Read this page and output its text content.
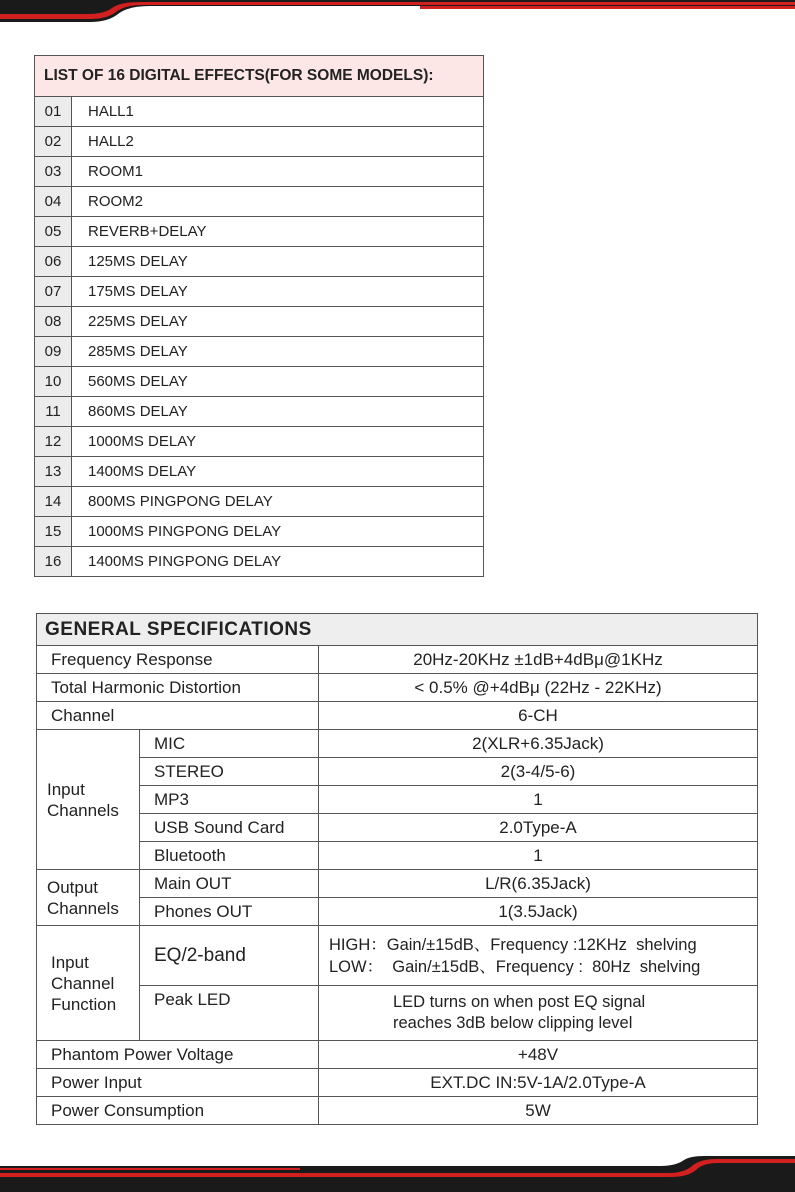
LIST OF 16 DIGITAL EFFECTS(FOR SOME MODELS):	
01	HALL1
02	HALL2
03	ROOM1
04	ROOM2
05	REVERB+DELAY
06	125MS DELAY
07	175MS DELAY
08	225MS DELAY
09	285MS DELAY
10	560MS DELAY
11	860MS DELAY
12	1000MS DELAY
13	1400MS DELAY
14	800MS PINGPONG DELAY
15	1000MS PINGPONG DELAY
16	1400MS PINGPONG DELAY
GENERAL SPECIFICATIONS		
Frequency Response		20Hz-20KHz ±1dB+4dBμ@1KHz
Total Harmonic Distortion		< 0.5% @+4dBμ (22Hz - 22KHz)
Channel		6-CH

Input
Channels	MIC	2(XLR+6.35Jack)
	STEREO	2(3-4/5-6)
	MP3	1
	USB Sound Card	2.0Type-A
	Bluetooth	1

Output
Channels	Main OUT	L/R(6.35Jack)
	Phones OUT	1(3.5Jack)

Input
Channel
Function	EQ/2-band	HIGH：Gain/±15dB、Frequency :12KHz  shelving
LOW：  Gain/±15dB、Frequency :  80Hz  shelving

	Peak LED	LED turns on when post EQ signal
reaches 3dB below clipping level

Phantom Power Voltage		+48V
Power Input		EXT.DC IN:5V-1A/2.0Type-A
Power Consumption		5W
